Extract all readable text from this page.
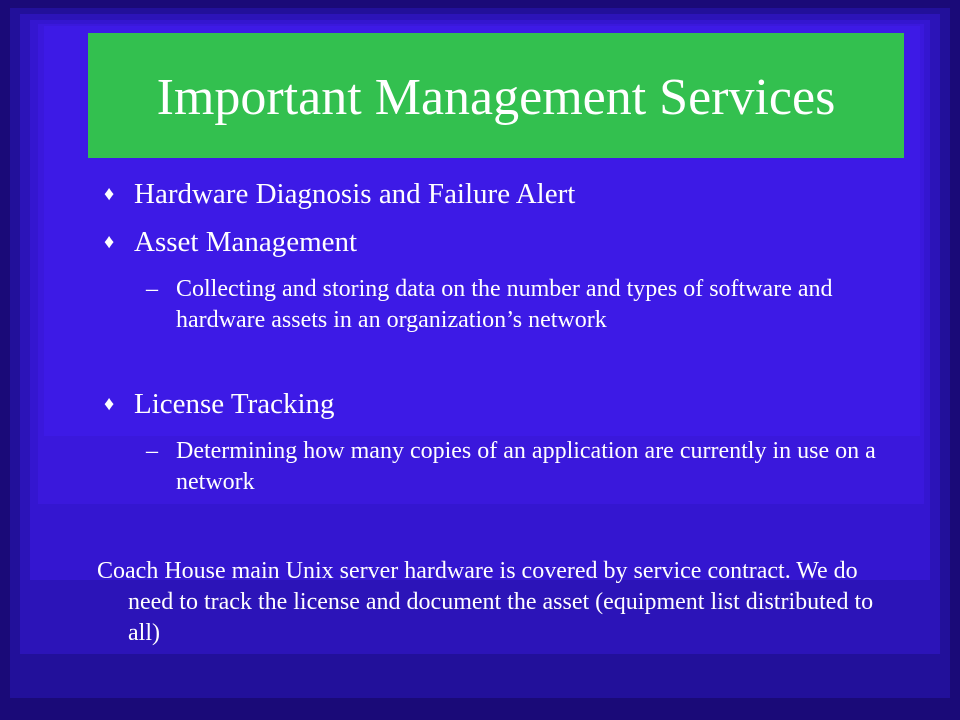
Important Management Services
♦ Hardware Diagnosis and Failure Alert
♦ Asset Management
– Collecting and storing data on the number and types of software and hardware assets in an organization’s network
♦ License Tracking
– Determining how many copies of an application are currently in use on a network
Coach House main Unix server hardware is covered by service contract. We do need to track the license and document the asset (equipment list distributed to all)
